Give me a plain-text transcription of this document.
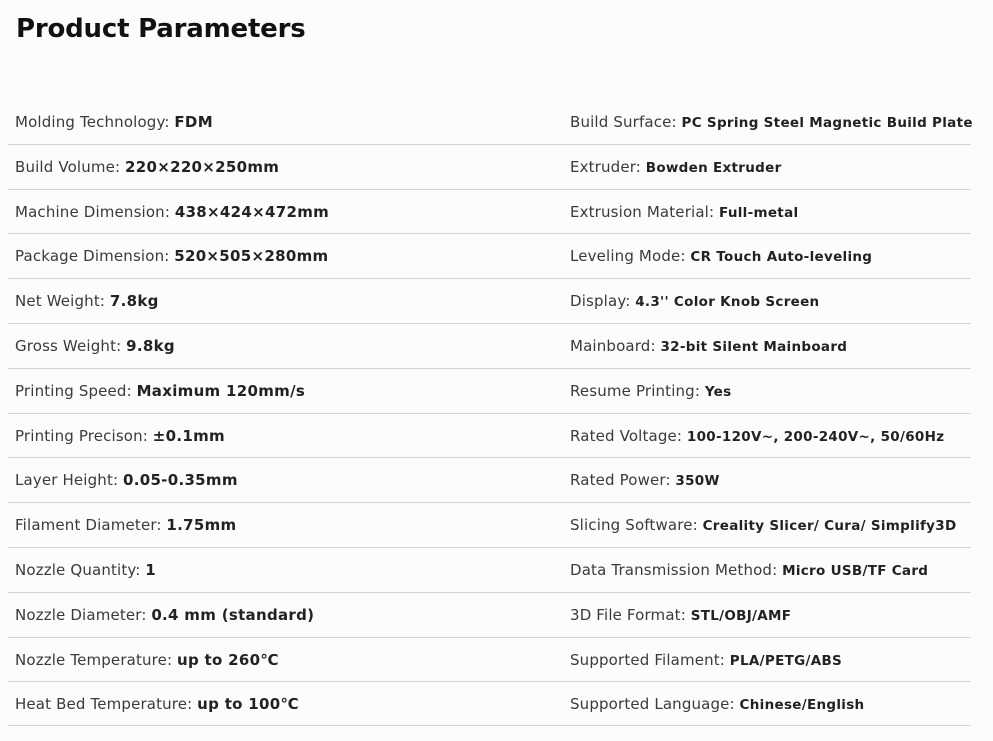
Product Parameters
Molding Technology: FDM	Build Surface: PC Spring Steel Magnetic Build Plate
Build Volume: 220×220×250mm	Extruder: Bowden Extruder
Machine Dimension: 438×424×472mm	Extrusion Material: Full-metal
Package Dimension: 520×505×280mm	Leveling Mode: CR Touch Auto-leveling
Net Weight: 7.8kg	Display: 4.3'' Color Knob Screen
Gross Weight: 9.8kg	Mainboard: 32-bit Silent Mainboard
Printing Speed: Maximum 120mm/s	Resume Printing: Yes
Printing Precison: ±0.1mm	Rated Voltage: 100-120V~, 200-240V~, 50/60Hz
Layer Height: 0.05-0.35mm	Rated Power: 350W
Filament Diameter: 1.75mm	Slicing Software: Creality Slicer/ Cura/ Simplify3D
Nozzle Quantity: 1	Data Transmission Method: Micro USB/TF Card
Nozzle Diameter: 0.4 mm (standard)	3D File Format: STL/OBJ/AMF
Nozzle Temperature: up to 260℃	Supported Filament: PLA/PETG/ABS
Heat Bed Temperature: up to 100℃	Supported Language: Chinese/English
